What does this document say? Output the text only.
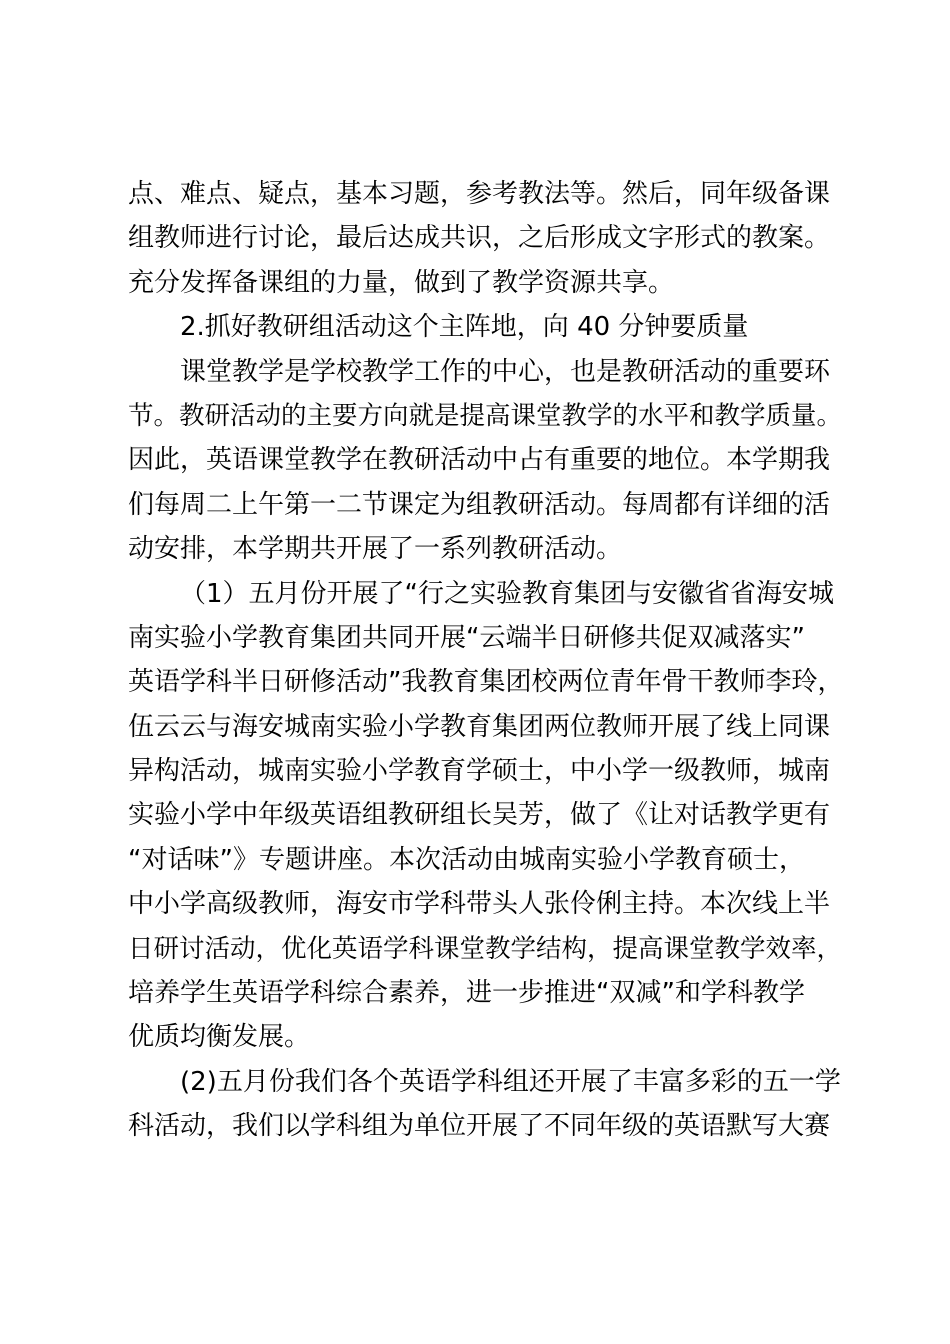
点、难点、疑点，基本习题，参考教法等。然后，同年级备课

组教师进行讨论，最后达成共识，之后形成文字形式的教案。

充分发挥备课组的力量，做到了教学资源共享。

2.抓好教研组活动这个主阵地，向 40 分钟要质量

课堂教学是学校教学工作的中心，也是教研活动的重要环

节。教研活动的主要方向就是提高课堂教学的水平和教学质量。

因此，英语课堂教学在教研活动中占有重要的地位。本学期我

们每周二上午第一二节课定为组教研活动。每周都有详细的活

动安排，本学期共开展了一系列教研活动。

（1）五月份开展了“行之实验教育集团与安徽省省海安城

南实验小学教育集团共同开展“云端半日研修共促双减落实”

英语学科半日研修活动”我教育集团校两位青年骨干教师李玲，

伍云云与海安城南实验小学教育集团两位教师开展了线上同课

异构活动，城南实验小学教育学硕士，中小学一级教师，城南

实验小学中年级英语组教研组长吴芳，做了《让对话教学更有

“对话味”》专题讲座。本次活动由城南实验小学教育硕士，

中小学高级教师，海安市学科带头人张伶俐主持。本次线上半

日研讨活动，优化英语学科课堂教学结构，提高课堂教学效率，

培养学生英语学科综合素养，进一步推进“双减”和学科教学

优质均衡发展。

(2)五月份我们各个英语学科组还开展了丰富多彩的五一学

科活动，我们以学科组为单位开展了不同年级的英语默写大赛
